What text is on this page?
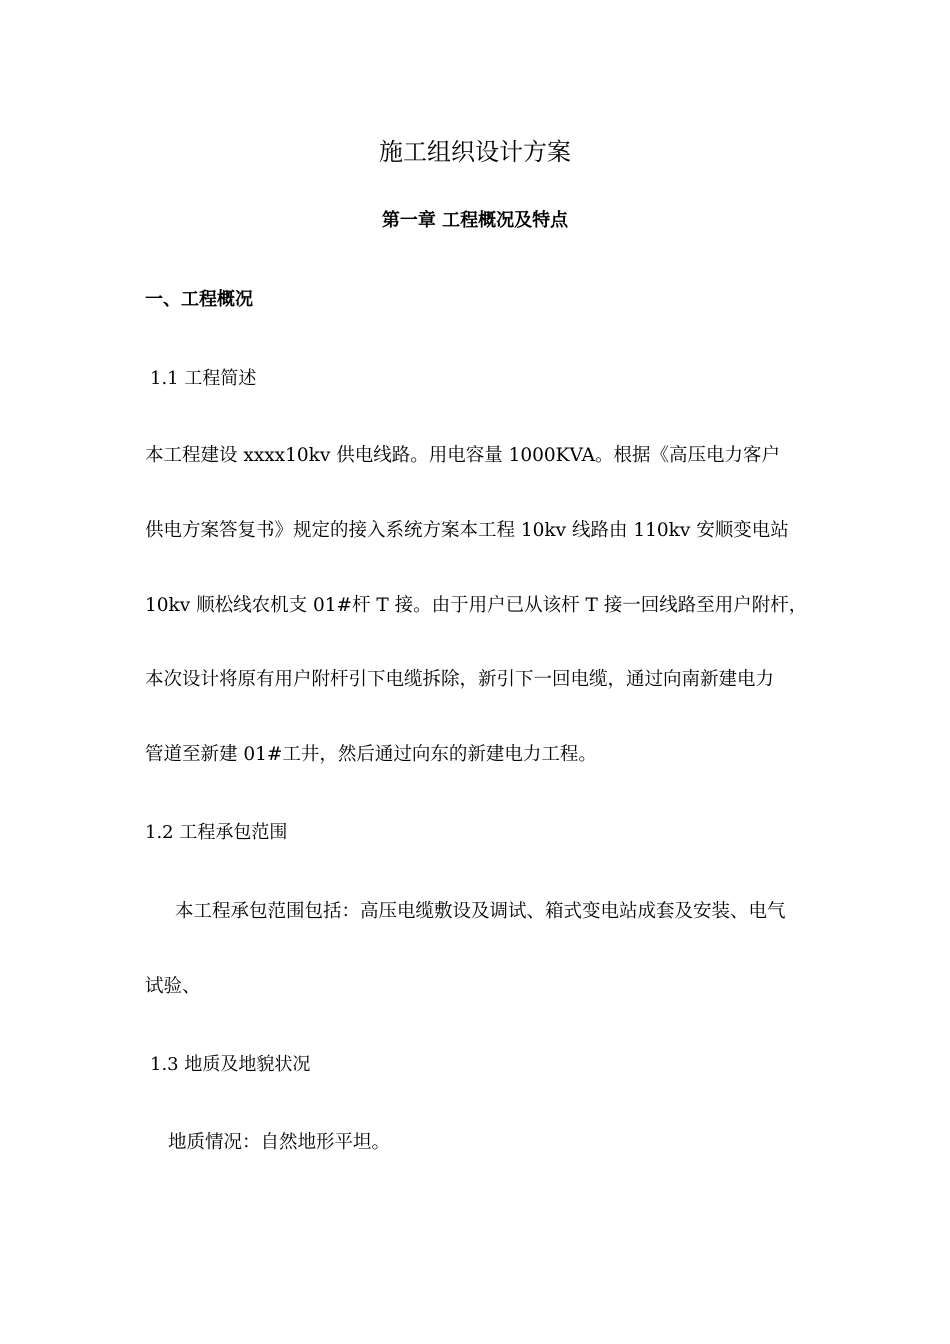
施工组织设计方案
第一章 工程概况及特点
一、工程概况
1.1 工程简述
本工程建设 xxxx10kv 供电线路。用电容量 1000KVA。根据《高压电力客户
供电方案答复书》规定的接入系统方案本工程 10kv 线路由 110kv 安顺变电站
10kv 顺松线农机支 01#杆 T 接。由于用户已从该杆 T 接一回线路至用户附杆，
本次设计将原有用户附杆引下电缆拆除，新引下一回电缆，通过向南新建电力
管道至新建 01#工井，然后通过向东的新建电力工程。
1.2 工程承包范围
本工程承包范围包括：高压电缆敷设及调试、箱式变电站成套及安装、电气
试验、
1.3 地质及地貌状况
地质情况：自然地形平坦。
